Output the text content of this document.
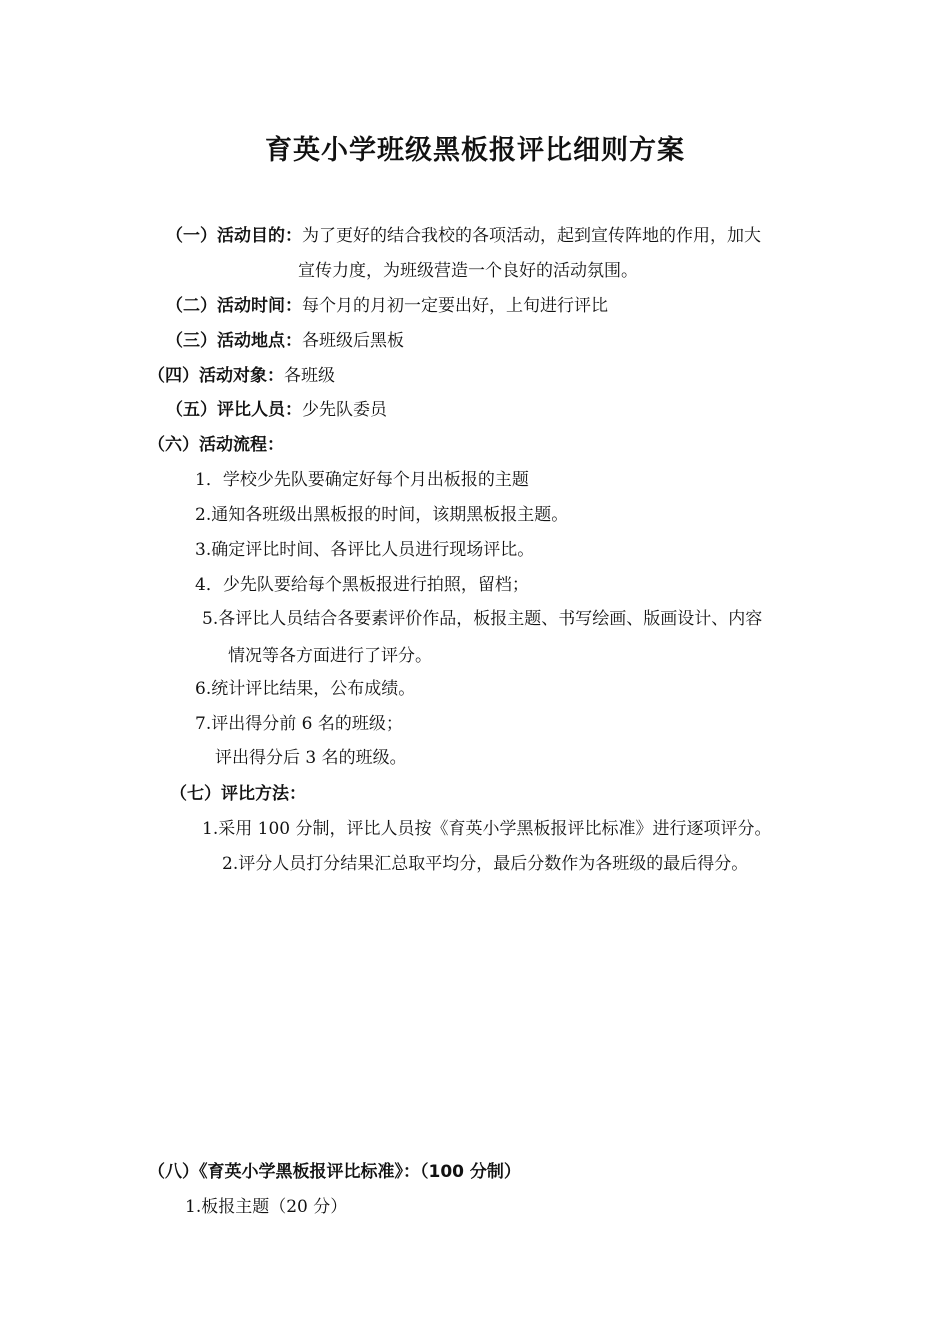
育英小学班级黑板报评比细则方案
（一）活动目的：为了更好的结合我校的各项活动，起到宣传阵地的作用，加大
宣传力度，为班级营造一个良好的活动氛围。
（二）活动时间：每个月的月初一定要出好，上旬进行评比
（三）活动地点：各班级后黑板
（四）活动对象：各班级
（五）评比人员：少先队委员
（六）活动流程：
1．学校少先队要确定好每个月出板报的主题
2.通知各班级出黑板报的时间，该期黑板报主题。
3.确定评比时间、各评比人员进行现场评比。
4．少先队要给每个黑板报进行拍照，留档；
5.各评比人员结合各要素评价作品，板报主题、书写绘画、版画设计、内容
情况等各方面进行了评分。
6.统计评比结果，公布成绩。
7.评出得分前 6 名的班级；
评出得分后 3 名的班级。
（七）评比方法：
1.采用 100 分制，评比人员按《育英小学黑板报评比标准》进行逐项评分。
2.评分人员打分结果汇总取平均分，最后分数作为各班级的最后得分。
（八）《育英小学黑板报评比标准》：（100 分制）
1.板报主题（20 分）
